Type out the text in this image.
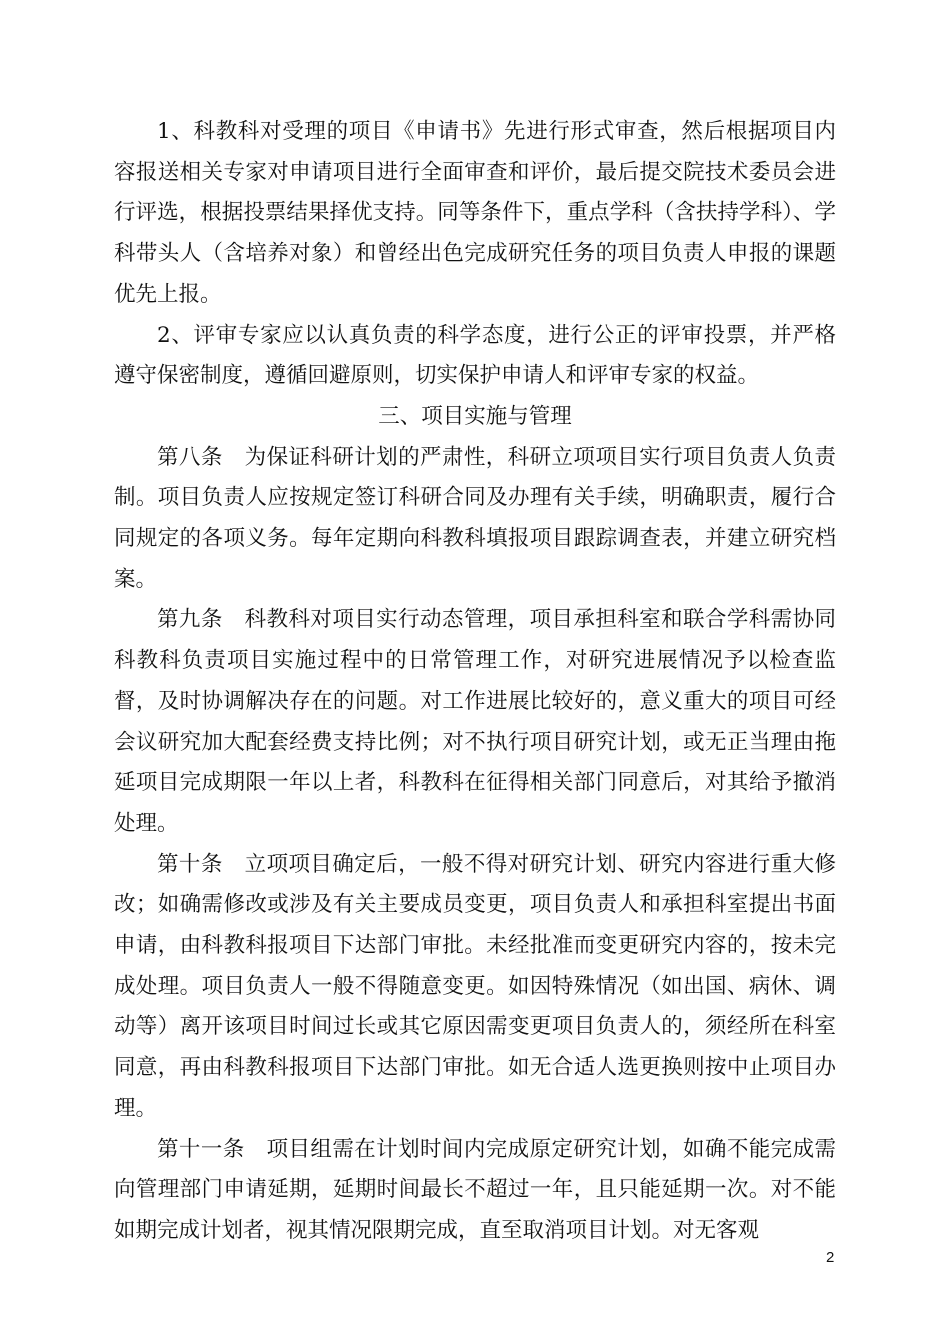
1、科教科对受理的项目《申请书》先进行形式审查，然后根据项目内容报送相关专家对申请项目进行全面审查和评价，最后提交院技术委员会进行评选，根据投票结果择优支持。同等条件下，重点学科（含扶持学科）、学科带头人（含培养对象）和曾经出色完成研究任务的项目负责人申报的课题优先上报。

2、评审专家应以认真负责的科学态度，进行公正的评审投票，并严格遵守保密制度，遵循回避原则，切实保护申请人和评审专家的权益。

三、项目实施与管理

第八条　为保证科研计划的严肃性，科研立项项目实行项目负责人负责制。项目负责人应按规定签订科研合同及办理有关手续，明确职责，履行合同规定的各项义务。每年定期向科教科填报项目跟踪调查表，并建立研究档案。

第九条　科教科对项目实行动态管理，项目承担科室和联合学科需协同科教科负责项目实施过程中的日常管理工作，对研究进展情况予以检查监督，及时协调解决存在的问题。对工作进展比较好的，意义重大的项目可经会议研究加大配套经费支持比例；对不执行项目研究计划，或无正当理由拖延项目完成期限一年以上者，科教科在征得相关部门同意后，对其给予撤消处理。

第十条　立项项目确定后，一般不得对研究计划、研究内容进行重大修改；如确需修改或涉及有关主要成员变更，项目负责人和承担科室提出书面申请，由科教科报项目下达部门审批。未经批准而变更研究内容的，按未完成处理。项目负责人一般不得随意变更。如因特殊情况（如出国、病休、调动等）离开该项目时间过长或其它原因需变更项目负责人的，须经所在科室同意，再由科教科报项目下达部门审批。如无合适人选更换则按中止项目办理。

第十一条　项目组需在计划时间内完成原定研究计划，如确不能完成需向管理部门申请延期，延期时间最长不超过一年，且只能延期一次。对不能如期完成计划者，视其情况限期完成，直至取消项目计划。对无客观

2
